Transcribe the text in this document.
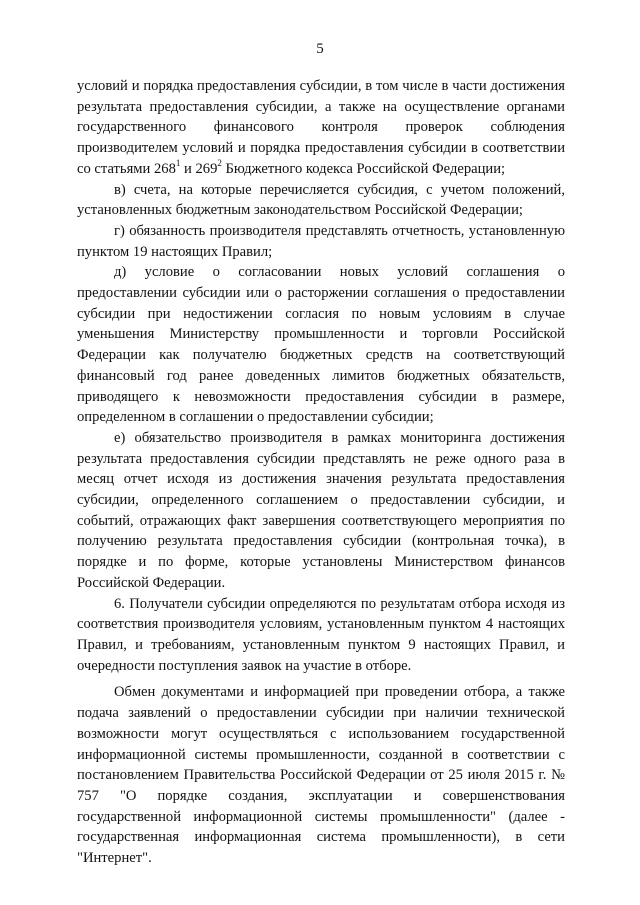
5

условий и порядка предоставления субсидии, в том числе в части достижения результата предоставления субсидии, а также на осуществление органами государственного финансового контроля проверок соблюдения производителем условий и порядка предоставления субсидии в соответствии со статьями $268^1$ и $269^2$ Бюджетного кодекса Российской Федерации;

в) счета, на которые перечисляется субсидия, с учетом положений, установленных бюджетным законодательством Российской Федерации;

г) обязанность производителя представлять отчетность, установленную пунктом 19 настоящих Правил;

д) условие о согласовании новых условий соглашения о предоставлении субсидии или о расторжении соглашения о предоставлении субсидии при недостижении согласия по новым условиям в случае уменьшения Министерству промышленности и торговли Российской Федерации как получателю бюджетных средств на соответствующий финансовый год ранее доведенных лимитов бюджетных обязательств, приводящего к невозможности предоставления субсидии в размере, определенном в соглашении о предоставлении субсидии;

е) обязательство производителя в рамках мониторинга достижения результата предоставления субсидии представлять не реже одного раза в месяц отчет исходя из достижения значения результата предоставления субсидии, определенного соглашением о предоставлении субсидии, и событий, отражающих факт завершения соответствующего мероприятия по получению результата предоставления субсидии (контрольная точка), в порядке и по форме, которые установлены Министерством финансов Российской Федерации.

6. Получатели субсидии определяются по результатам отбора исходя из соответствия производителя условиям, установленным пунктом 4 настоящих Правил, и требованиям, установленным пунктом 9 настоящих Правил, и очередности поступления заявок на участие в отборе.

Обмен документами и информацией при проведении отбора, а также подача заявлений о предоставлении субсидии при наличии технической возможности могут осуществляться с использованием государственной информационной системы промышленности, созданной в соответствии с постановлением Правительства Российской Федерации от 25 июля 2015 г. № 757 "О порядке создания, эксплуатации и совершенствования государственной информационной системы промышленности" (далее - государственная информационная система промышленности), в сети "Интернет".
